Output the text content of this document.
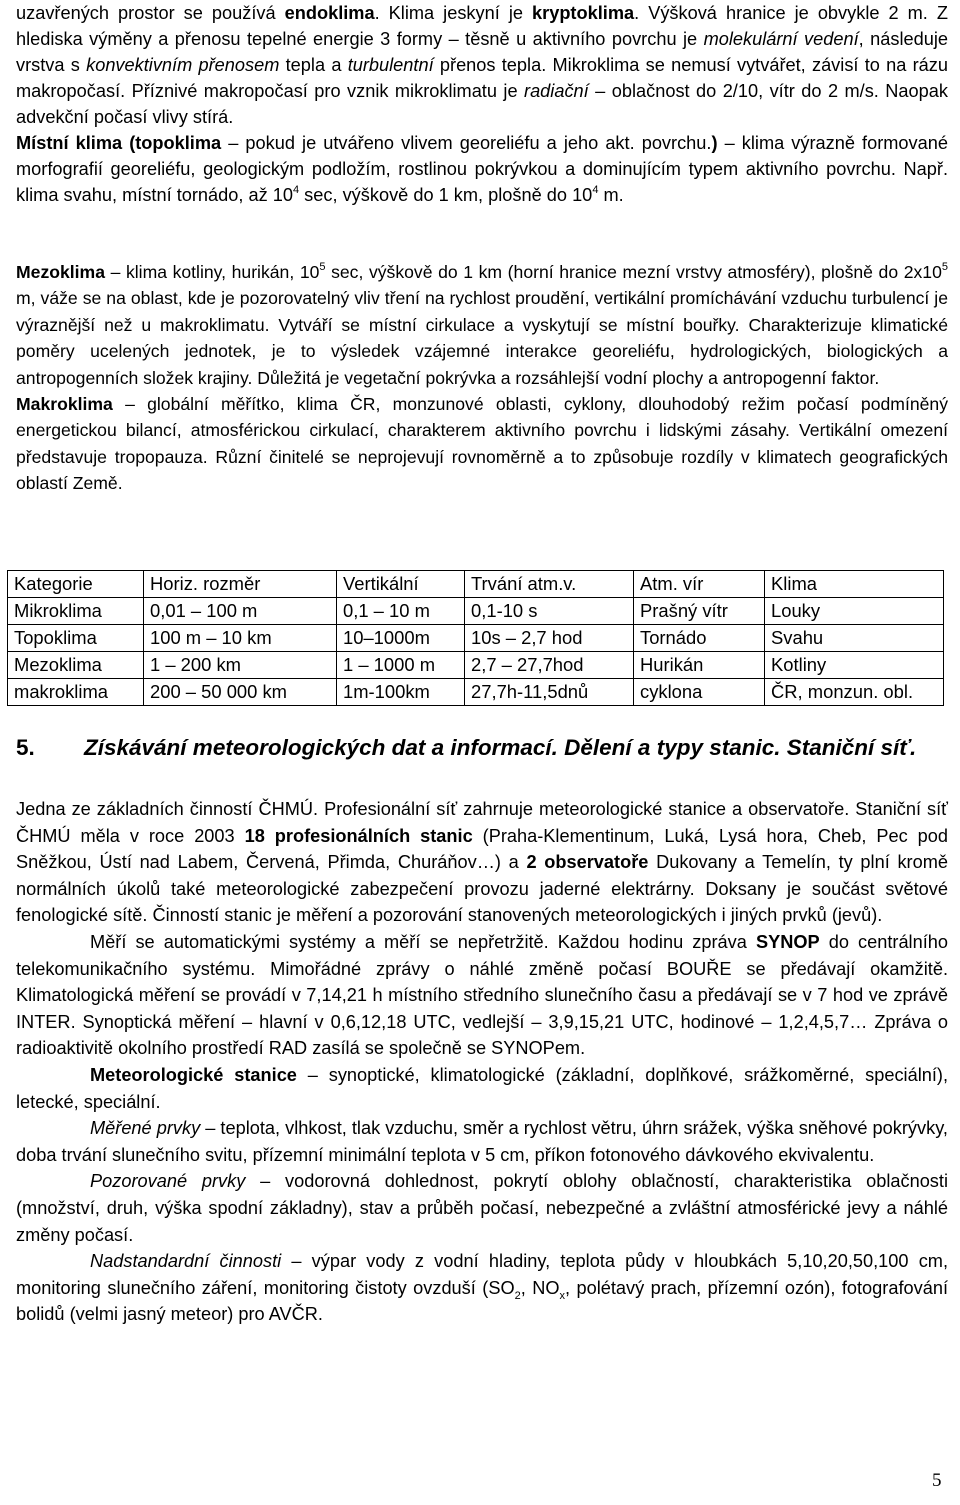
uzavřených prostor se používá endoklima. Klima jeskyní je kryptoklima. Výšková hranice je obvykle 2 m. Z hlediska výměny a přenosu tepelné energie 3 formy – těsně u aktivního povrchu je molekulární vedení, následuje vrstva s konvektivním přenosem tepla a turbulentní přenos tepla. Mikroklima se nemusí vytvářet, závisí to na rázu makropočasí. Příznivé makropočasí pro vznik mikroklimatu je radiační – oblačnost do 2/10, vítr do 2 m/s. Naopak advekční počasí vlivy stírá.

Místní klima (topoklima – pokud je utvářeno vlivem georeliéfu a jeho akt. povrchu.) – klima výrazně formované morfografií georeliéfu, geologickým podložím, rostlinou pokrývkou a dominujícím typem aktivního povrchu. Např. klima svahu, místní tornádo, až $10^4$ sec, výškově do 1 km, plošně do $10^4$ m.

Mezoklima – klima kotliny, hurikán, $10^5$ sec, výškově do 1 km (horní hranice mezní vrstvy atmosféry), plošně do $2x10^5$ m, váže se na oblast, kde je pozorovatelný vliv tření na rychlost proudění, vertikální promíchávání vzduchu turbulencí je výraznější než u makroklimatu. Vytváří se místní cirkulace a vyskytují se místní bouřky. Charakterizuje klimatické poměry ucelených jednotek, je to výsledek vzájemné interakce georeliéfu, hydrologických, biologických a antropogenních složek krajiny. Důležitá je vegetační pokrývka a rozsáhlejší vodní plochy a antropogenní faktor.

Makroklima – globální měřítko, klima ČR, monzunové oblasti, cyklony, dlouhodobý režim počasí podmíněný energetickou bilancí, atmosférickou cirkulací, charakterem aktivního povrchu i lidskými zásahy. Vertikální omezení představuje tropopauza. Různí činitelé se neprojevují rovnoměrně a to způsobuje rozdíly v klimatech geografických oblastí Země.

Kategorie	Horiz. rozměr	Vertikální	Trvání atm.v.	Atm. vír	Klima
Mikroklima	0,01 – 100 m	0,1 – 10 m	0,1-10 s	Prašný vítr	Louky
Topoklima	100 m – 10 km	10–1000m	10s – 2,7 hod	Tornádo	Svahu
Mezoklima	1 – 200 km	1 – 1000 m	2,7 – 27,7hod	Hurikán	Kotliny
makroklima	200 – 50 000 km	1m-100km	27,7h-11,5dnů	cyklona	ČR, monzun. obl.
5. Získávání meteorologických dat a informací. Dělení a typy stanic. Staniční síť.

Jedna ze základních činností ČHMÚ. Profesionální síť zahrnuje meteorologické stanice a observatoře. Staniční síť ČHMÚ měla v roce 2003 18 profesionálních stanic (Praha-Klementinum, Luká, Lysá hora, Cheb, Pec pod Sněžkou, Ústí nad Labem, Červená, Přimda, Churáňov…) a 2 observatoře Dukovany a Temelín, ty plní kromě normálních úkolů také meteorologické zabezpečení provozu jaderné elektrárny. Doksany je součást světové fenologické sítě. Činností stanic je měření a pozorování stanovených meteorologických i jiných prvků (jevů).

Měří se automatickými systémy a měří se nepřetržitě. Každou hodinu zpráva SYNOP do centrálního telekomunikačního systému. Mimořádné zprávy o náhlé změně počasí BOUŘE se předávají okamžitě. Klimatologická měření se provádí v 7,14,21 h místního středního slunečního času a předávají se v 7 hod ve zprávě INTER. Synoptická měření – hlavní v 0,6,12,18 UTC, vedlejší – 3,9,15,21 UTC, hodinové – 1,2,4,5,7… Zpráva o radioaktivitě okolního prostředí RAD zasílá se společně se SYNOPem.

Meteorologické stanice – synoptické, klimatologické (základní, doplňkové, srážkoměrné, speciální), letecké, speciální.

Měřené prvky – teplota, vlhkost, tlak vzduchu, směr a rychlost větru, úhrn srážek, výška sněhové pokrývky, doba trvání slunečního svitu, přízemní minimální teplota v 5 cm, příkon fotonového dávkového ekvivalentu.

Pozorované prvky – vodorovná dohlednost, pokrytí oblohy oblačností, charakteristika oblačnosti (množství, druh, výška spodní základny), stav a průběh počasí, nebezpečné a zvláštní atmosférické jevy a náhlé změny počasí.

Nadstandardní činnosti – výpar vody z vodní hladiny, teplota půdy v hloubkách 5,10,20,50,100 cm, monitoring slunečního záření, monitoring čistoty ovzduší ($SO_2$, $NO_x$, polétavý prach, přízemní ozón), fotografování bolidů (velmi jasný meteor) pro AVČR.

5
